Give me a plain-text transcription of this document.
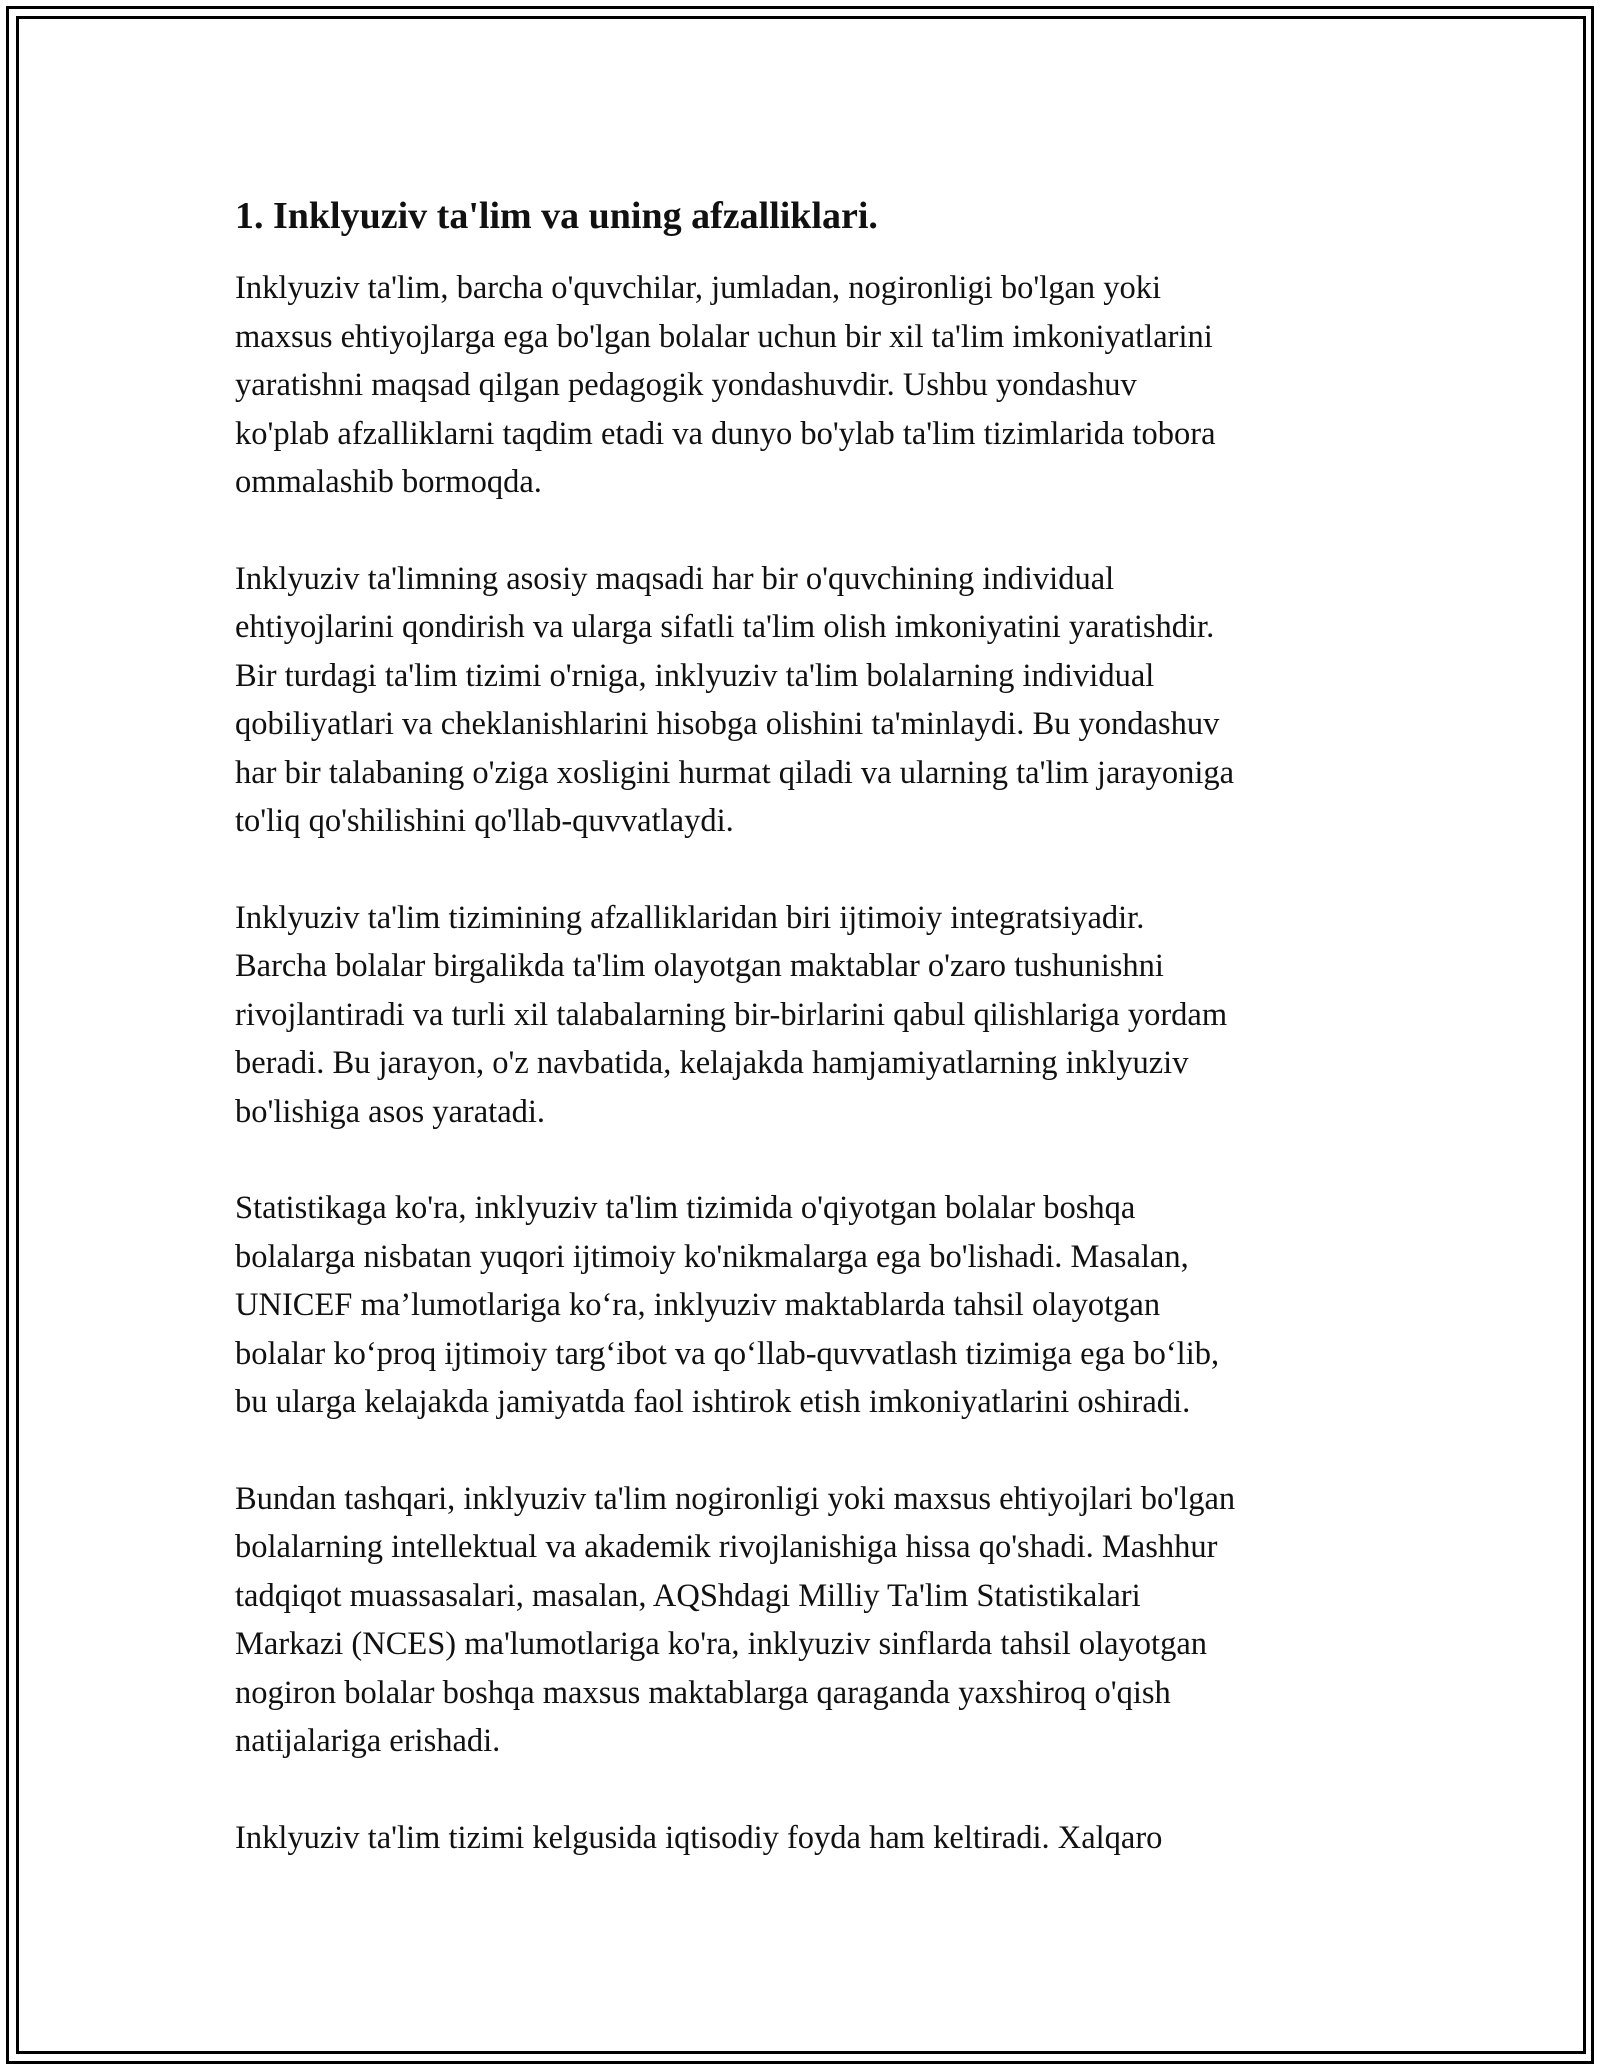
1. Inklyuziv ta'lim va uning afzalliklari.

Inklyuziv ta'lim, barcha o'quvchilar, jumladan, nogironligi bo'lgan yoki
maxsus ehtiyojlarga ega bo'lgan bolalar uchun bir xil ta'lim imkoniyatlarini
yaratishni maqsad qilgan pedagogik yondashuvdir. Ushbu yondashuv
ko'plab afzalliklarni taqdim etadi va dunyo bo'ylab ta'lim tizimlarida tobora
ommalashib bormoqda.

Inklyuziv ta'limning asosiy maqsadi har bir o'quvchining individual
ehtiyojlarini qondirish va ularga sifatli ta'lim olish imkoniyatini yaratishdir.
Bir turdagi ta'lim tizimi o'rniga, inklyuziv ta'lim bolalarning individual
qobiliyatlari va cheklanishlarini hisobga olishini ta'minlaydi. Bu yondashuv
har bir talabaning o'ziga xosligini hurmat qiladi va ularning ta'lim jarayoniga
to'liq qo'shilishini qo'llab-quvvatlaydi.

Inklyuziv ta'lim tizimining afzalliklaridan biri ijtimoiy integratsiyadir.
Barcha bolalar birgalikda ta'lim olayotgan maktablar o'zaro tushunishni
rivojlantiradi va turli xil talabalarning bir-birlarini qabul qilishlariga yordam
beradi. Bu jarayon, o'z navbatida, kelajakda hamjamiyatlarning inklyuziv
bo'lishiga asos yaratadi.

Statistikaga ko'ra, inklyuziv ta'lim tizimida o'qiyotgan bolalar boshqa
bolalarga nisbatan yuqori ijtimoiy ko'nikmalarga ega bo'lishadi. Masalan,
UNICEF ma’lumotlariga ko‘ra, inklyuziv maktablarda tahsil olayotgan
bolalar ko‘proq ijtimoiy targ‘ibot va qo‘llab-quvvatlash tizimiga ega bo‘lib,
bu ularga kelajakda jamiyatda faol ishtirok etish imkoniyatlarini oshiradi.

Bundan tashqari, inklyuziv ta'lim nogironligi yoki maxsus ehtiyojlari bo'lgan
bolalarning intellektual va akademik rivojlanishiga hissa qo'shadi. Mashhur
tadqiqot muassasalari, masalan, AQShdagi Milliy Ta'lim Statistikalari
Markazi (NCES) ma'lumotlariga ko'ra, inklyuziv sinflarda tahsil olayotgan
nogiron bolalar boshqa maxsus maktablarga qaraganda yaxshiroq o'qish
natijalariga erishadi.

Inklyuziv ta'lim tizimi kelgusida iqtisodiy foyda ham keltiradi. Xalqaro
